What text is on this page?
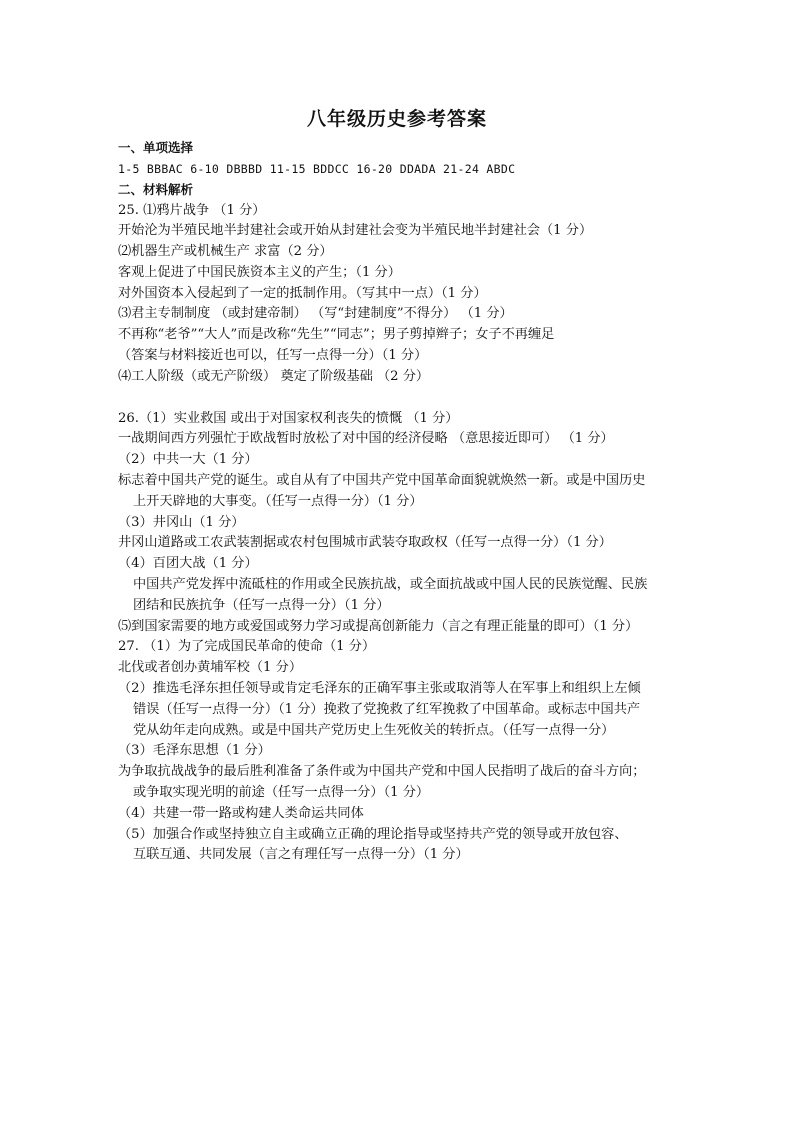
八年级历史参考答案
一、单项选择
1-5 BBBAC 6-10 DBBBD 11-15 BDDCC 16-20 DDADA 21-24 ABDC
二、材料解析
25. ⑴鸦片战争 （1 分）
开始沦为半殖民地半封建社会或开始从封建社会变为半殖民地半封建社会（1 分）
⑵机器生产或机械生产 求富（2 分）
客观上促进了中国民族资本主义的产生；（1 分）
对外国资本入侵起到了一定的抵制作用。（写其中一点）（1 分）
⑶君主专制制度 （或封建帝制） （写“封建制度”不得分） （1 分）
不再称“老爷”“大人”而是改称“先生”“同志”；男子剪掉辫子；女子不再缠足
（答案与材料接近也可以，任写一点得一分）（1 分）
⑷工人阶级（或无产阶级） 奠定了阶级基础 （2 分）
26.（1）实业救国 或出于对国家权利丧失的愤慨 （1 分）
一战期间西方列强忙于欧战暂时放松了对中国的经济侵略 （意思接近即可） （1 分）
（2）中共一大（1 分）
标志着中国共产党的诞生。或自从有了中国共产党中国革命面貌就焕然一新。或是中国历史
上开天辟地的大事变。（任写一点得一分）（1 分）
（3）井冈山（1 分）
井冈山道路或工农武装割据或农村包围城市武装夺取政权（任写一点得一分）（1 分）
（4）百团大战（1 分）
中国共产党发挥中流砥柱的作用或全民族抗战，或全面抗战或中国人民的民族觉醒、民族
团结和民族抗争（任写一点得一分）（1 分）
⑸到国家需要的地方或爱国或努力学习或提高创新能力（言之有理正能量的即可）（1 分）
27. （1）为了完成国民革命的使命（1 分）
北伐或者创办黄埔军校（1 分）
（2）推选毛泽东担任领导或肯定毛泽东的正确军事主张或取消等人在军事上和组织上左倾
错误（任写一点得一分）（1 分）挽救了党挽救了红军挽救了中国革命。或标志中国共产
党从幼年走向成熟。或是中国共产党历史上生死攸关的转折点。（任写一点得一分）
（3）毛泽东思想（1 分）
为争取抗战战争的最后胜利准备了条件或为中国共产党和中国人民指明了战后的奋斗方向；
或争取实现光明的前途（任写一点得一分）（1 分）
（4）共建一带一路或构建人类命运共同体
（5）加强合作或坚持独立自主或确立正确的理论指导或坚持共产党的领导或开放包容、
互联互通、共同发展（言之有理任写一点得一分）（1 分）
